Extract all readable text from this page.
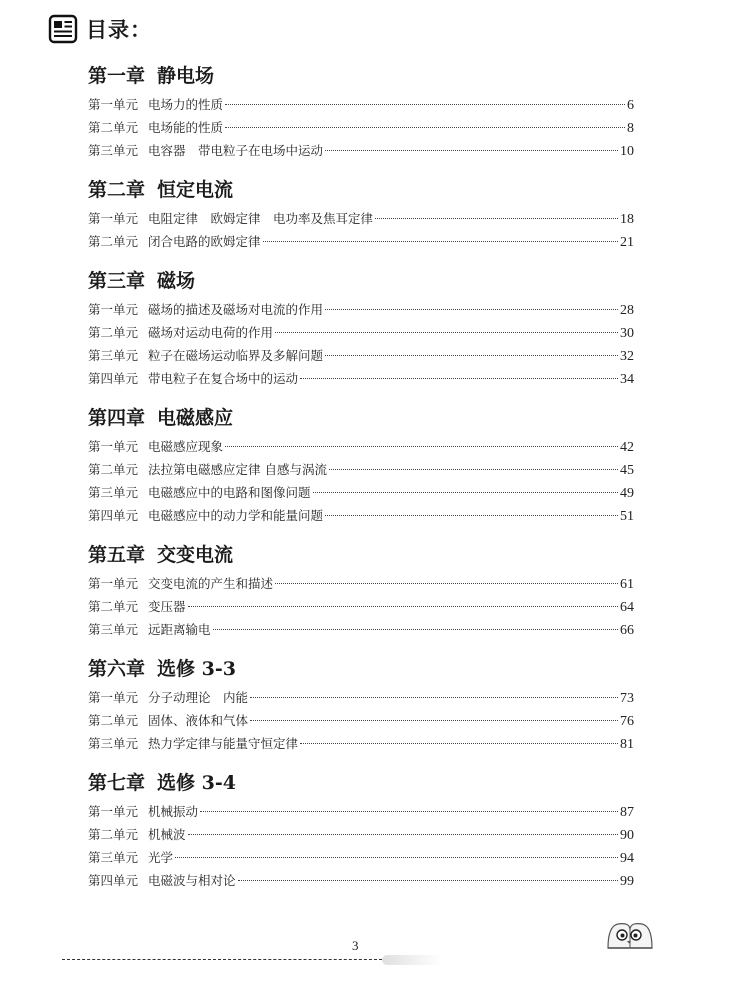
目录：
第一章 静电场
第一单元 电场力的性质	6
第二单元 电场能的性质	8
第三单元 电容器　带电粒子在电场中运动	10
第二章 恒定电流
第一单元 电阻定律　欧姆定律　电功率及焦耳定律	18
第二单元 闭合电路的欧姆定律	21
第三章 磁场
第一单元 磁场的描述及磁场对电流的作用	28
第二单元 磁场对运动电荷的作用	30
第三单元 粒子在磁场运动临界及多解问题	32
第四单元 带电粒子在复合场中的运动	34
第四章 电磁感应
第一单元 电磁感应现象	42
第二单元 法拉第电磁感应定律 自感与涡流	45
第三单元 电磁感应中的电路和图像问题	49
第四单元 电磁感应中的动力学和能量问题	51
第五章 交变电流
第一单元 交变电流的产生和描述	61
第二单元 变压器	64
第三单元 远距离输电	66
第六章 选修 3-3
第一单元 分子动理论　内能	73
第二单元 固体、液体和气体	76
第三单元 热力学定律与能量守恒定律	81
第七章 选修 3-4
第一单元 机械振动	87
第二单元 机械波	90
第三单元 光学	94
第四单元 电磁波与相对论	99
3
